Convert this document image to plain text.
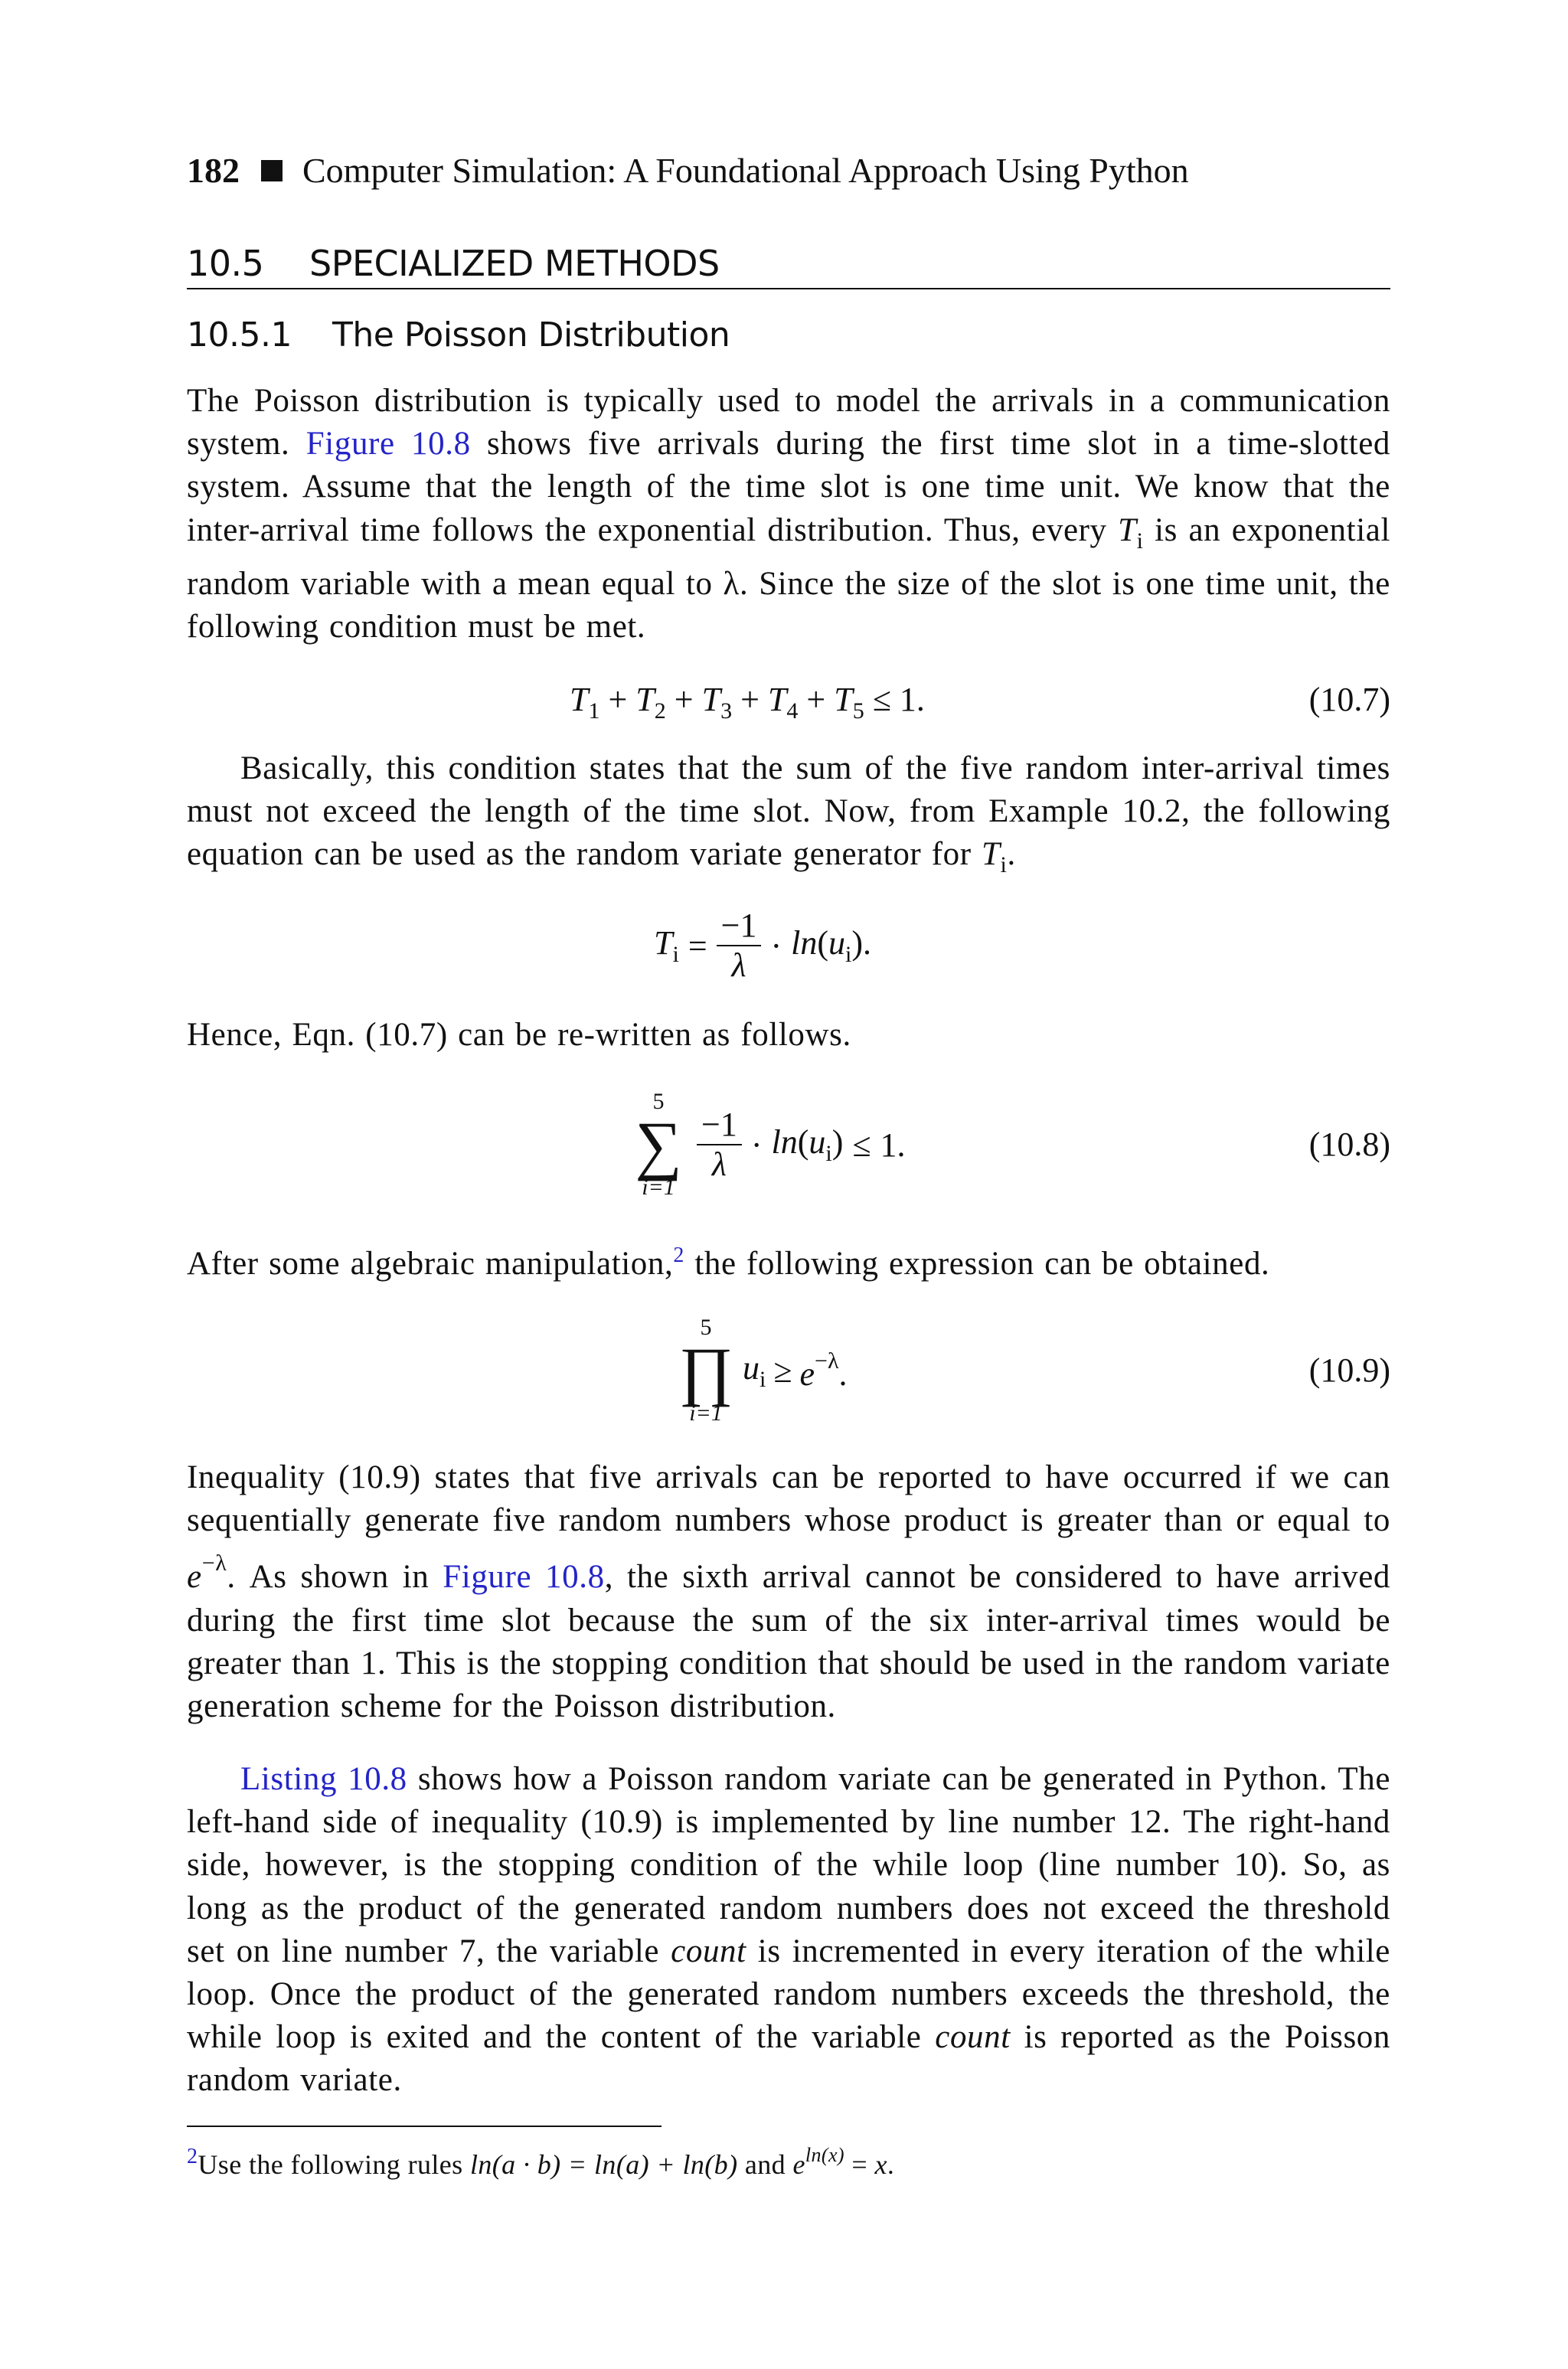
182 Computer Simulation: A Foundational Approach Using Python
10.5 SPECIALIZED METHODS
10.5.1 The Poisson Distribution
The Poisson distribution is typically used to model the arrivals in a communication system. Figure 10.8 shows five arrivals during the first time slot in a time-slotted system. Assume that the length of the time slot is one time unit. We know that the inter-arrival time follows the exponential distribution. Thus, every $T_i$ is an exponential random variable with a mean equal to λ. Since the size of the slot is one time unit, the following condition must be met.
$T_1 + T_2 + T_3 + T_4 + T_5 \le 1$.	(10.7)
Basically, this condition states that the sum of the five random inter-arrival times must not exceed the length of the time slot. Now, from Example 10.2, the following equation can be used as the random variate generator for $T_i$.
$T_i = \frac{-1}{\lambda} \cdot \ln(u_i)$.
Hence, Eqn. (10.7) can be re-written as follows.
5
∑
i=1
$\frac{-1}{\lambda} \cdot \ln(u_i) \le 1$.	(10.8)
After some algebraic manipulation,$^2$ the following expression can be obtained.
5
∏
i=1
$u_i \ge e^{-\lambda}$.	(10.9)
Inequality (10.9) states that five arrivals can be reported to have occurred if we can sequentially generate five random numbers whose product is greater than or equal to $e^{-\lambda}$. As shown in Figure 10.8, the sixth arrival cannot be considered to have arrived during the first time slot because the sum of the six inter-arrival times would be greater than 1. This is the stopping condition that should be used in the random variate generation scheme for the Poisson distribution.
Listing 10.8 shows how a Poisson random variate can be generated in Python. The left-hand side of inequality (10.9) is implemented by line number 12. The right-hand side, however, is the stopping condition of the while loop (line number 10). So, as long as the product of the generated random numbers does not exceed the threshold set on line number 7, the variable count is incremented in every iteration of the while loop. Once the product of the generated random numbers exceeds the threshold, the while loop is exited and the content of the variable count is reported as the Poisson random variate.
$^2$Use the following rules ln(a · b) = ln(a) + ln(b) and $e^{ln(x)} = x$.
